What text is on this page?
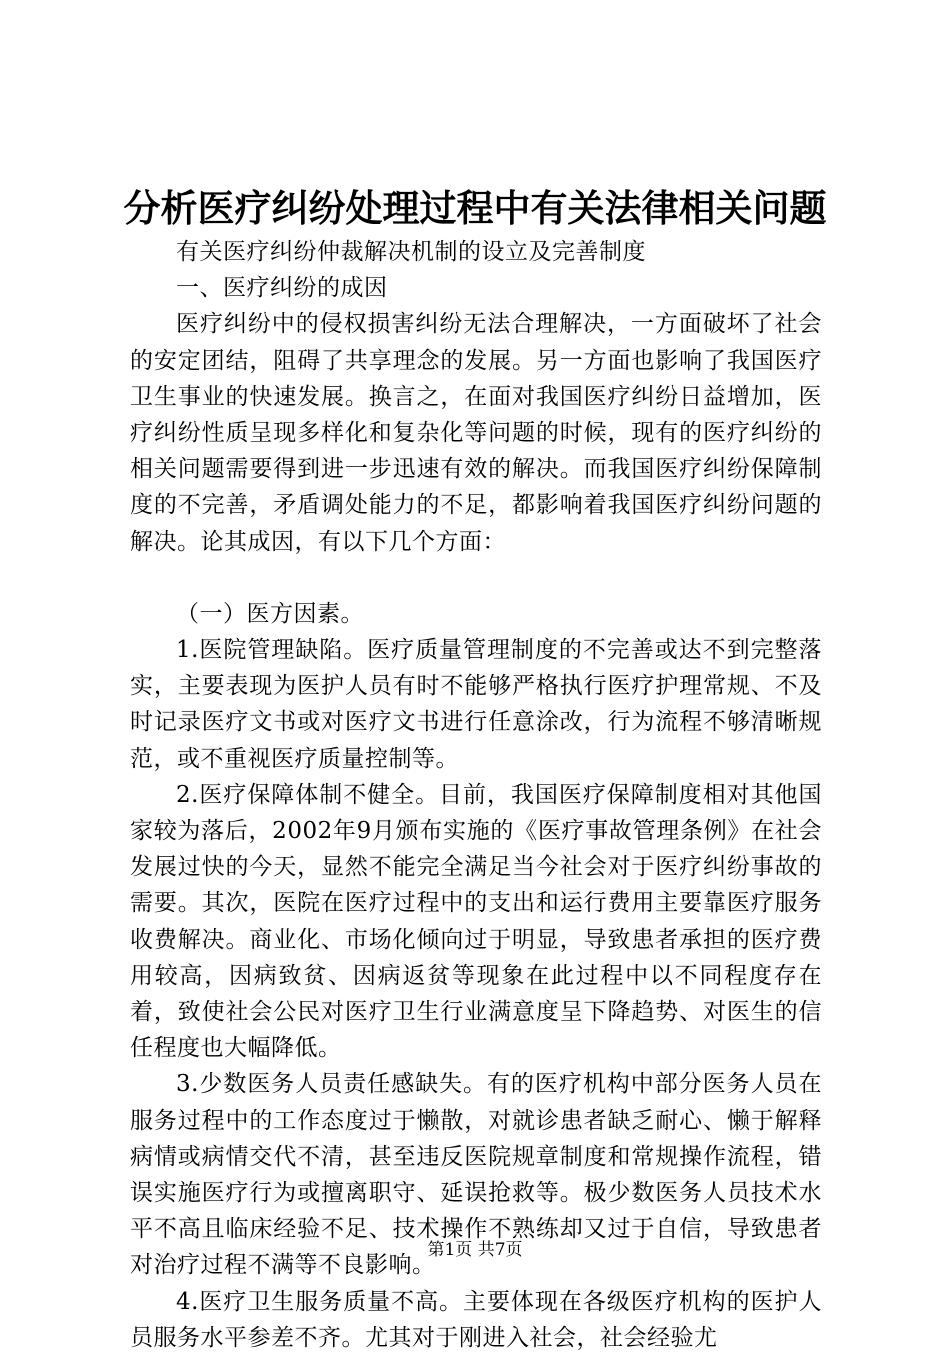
分析医疗纠纷处理过程中有关法律相关问题

有关医疗纠纷仲裁解决机制的设立及完善制度

一、医疗纠纷的成因

医疗纠纷中的侵权损害纠纷无法合理解决，一方面破坏了社会的安定团结，阻碍了共享理念的发展。另一方面也影响了我国医疗卫生事业的快速发展。换言之，在面对我国医疗纠纷日益增加，医疗纠纷性质呈现多样化和复杂化等问题的时候，现有的医疗纠纷的相关问题需要得到进一步迅速有效的解决。而我国医疗纠纷保障制度的不完善，矛盾调处能力的不足，都影响着我国医疗纠纷问题的解决。论其成因，有以下几个方面：

（一）医方因素。

1.医院管理缺陷。医疗质量管理制度的不完善或达不到完整落实，主要表现为医护人员有时不能够严格执行医疗护理常规、不及时记录医疗文书或对医疗文书进行任意涂改，行为流程不够清晰规范，或不重视医疗质量控制等。

2.医疗保障体制不健全。目前，我国医疗保障制度相对其他国家较为落后，2002年9月颁布实施的《医疗事故管理条例》在社会发展过快的今天，显然不能完全满足当今社会对于医疗纠纷事故的需要。其次，医院在医疗过程中的支出和运行费用主要靠医疗服务收费解决。商业化、市场化倾向过于明显，导致患者承担的医疗费用较高，因病致贫、因病返贫等现象在此过程中以不同程度存在着，致使社会公民对医疗卫生行业满意度呈下降趋势、对医生的信任程度也大幅降低。

3.少数医务人员责任感缺失。有的医疗机构中部分医务人员在服务过程中的工作态度过于懒散，对就诊患者缺乏耐心、懒于解释病情或病情交代不清，甚至违反医院规章制度和常规操作流程，错误实施医疗行为或擅离职守、延误抢救等。极少数医务人员技术水平不高且临床经验不足、技术操作不熟练却又过于自信，导致患者对治疗过程不满等不良影响。

4.医疗卫生服务质量不高。主要体现在各级医疗机构的医护人员服务水平参差不齐。尤其对于刚进入社会，社会经验尤

第1页 共7页
